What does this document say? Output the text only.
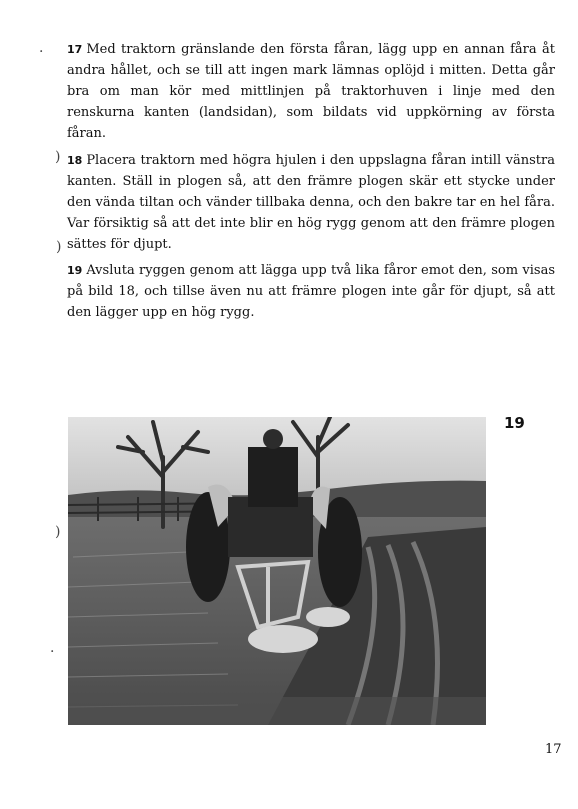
·
)
)
)
·

17 Med traktorn gränslande den första fåran, lägg upp en annan fåra åt andra hållet, och se till att ingen mark lämnas oplöjd i mitten. Detta går bra om man kör med mittlinjen på traktorhuven i linje med den renskurna kanten (landsidan), som bildats vid uppkörning av första fåran.

18 Placera traktorn med högra hjulen i den uppslagna fåran intill vänstra kanten. Ställ in plogen så, att den främre plogen skär ett stycke under den vända tiltan och vänder tillbaka denna, och den bakre tar en hel fåra. Var försiktig så att det inte blir en hög rygg genom att den främre plogen sättes för djupt.

19 Avsluta ryggen genom att lägga upp två lika fåror emot den, som visas på bild 18, och tillse även nu att främre plogen inte går för djupt, så att den lägger upp en hög rygg.

19
17
